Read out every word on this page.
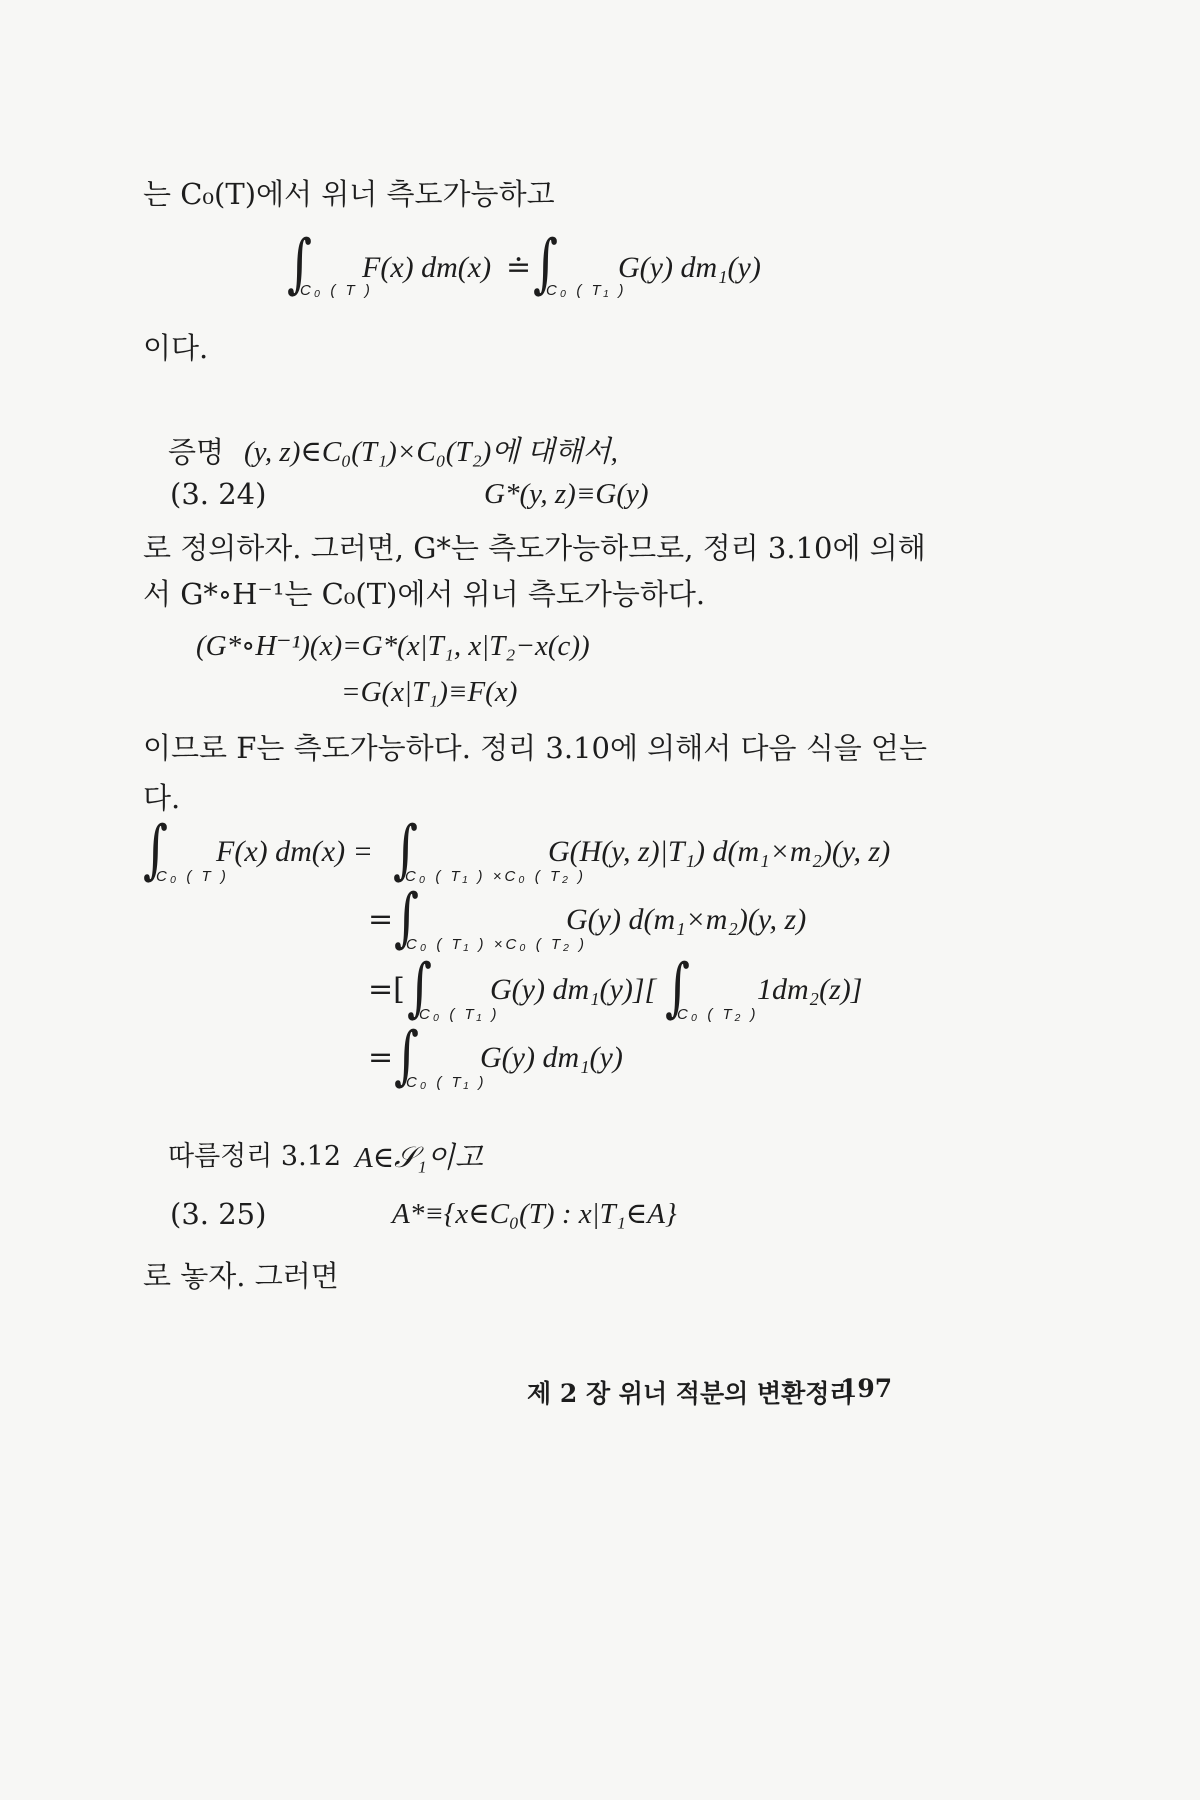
는 C₀(T)에서 위너 측도가능하고
∫
C₀ ( T )
F(x) dm(x) ≐ ∫
C₀ ( T₁ )
G(y) dm₁(y)
이다.
증명 (y, z)∈C₀(T₁)×C₀(T₂)에 대해서,
(3. 24)	G*(y, z)≡G(y)
로 정의하자. 그러면, G*는 측도가능하므로, 정리 3.10에 의해
서 G*∘H⁻¹는 C₀(T)에서 위너 측도가능하다.
(G*∘H⁻¹)(x)=G*(x|T₁, x|T₂−x(c))
=G(x|T₁)≡F(x)
이므로 F는 측도가능하다. 정리 3.10에 의해서 다음 식을 얻는
다.
∫
C₀ ( T )
F(x) dm(x) = ∫
C₀ ( T₁ ) ×C₀ ( T₂ )
G(H(y, z)|T₁) d(m₁×m₂)(y, z)
= ∫
C₀ ( T₁ ) ×C₀ ( T₂ )
G(y) d(m₁×m₂)(y, z)
=[ ∫
C₀ ( T₁ )
G(y) dm₁(y)][ ∫
C₀ ( T₂ )
1dm₂(z)]
= ∫
C₀ ( T₁ )
G(y) dm₁(y)
따름정리 3.12 A∈𝒮₁이고
(3. 25)	A*≡{x∈C₀(T) : x|T₁∈A}
로 놓자. 그러면
제 2 장 위너 적분의 변환정리
197
